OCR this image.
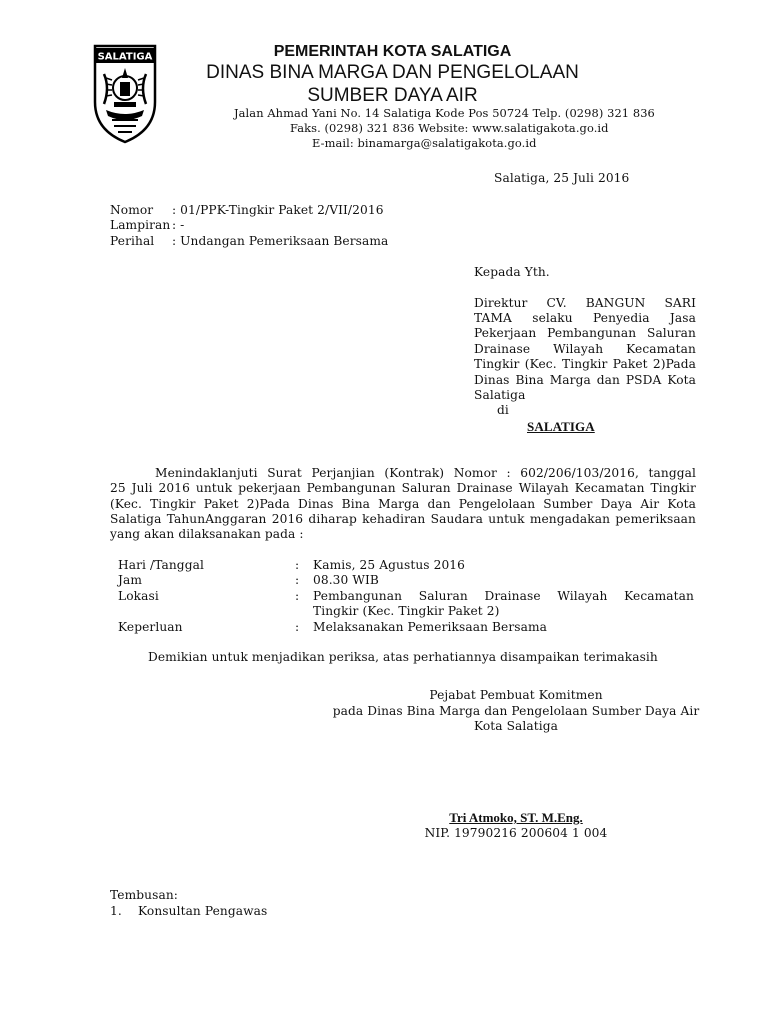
SALATIGA	PEMERINTAH KOTA SALATIGA
DINAS BINA MARGA DAN PENGELOLAAN
SUMBER DAYA AIR
Jalan Ahmad Yani No. 14 Salatiga Kode Pos 50724 Telp. (0298) 321 836
Faks. (0298) 321 836 Website: www.salatigakota.go.id
E-mail: binamarga@salatigakota.go.id
Salatiga, 25 Juli 2016
Nomor : 01/PPK-Tingkir Paket 2/VII/2016
Lampiran : -
Perihal : Undangan Pemeriksaan Bersama
Kepada Yth.
Direktur CV. BANGUN SARI
TAMA selaku Penyedia Jasa
Pekerjaan Pembangunan Saluran
Drainase Wilayah Kecamatan
Tingkir (Kec. Tingkir Paket 2)Pada
Dinas Bina Marga dan PSDA Kota
Salatiga
di
SALATIGA
Menindaklanjuti Surat Perjanjian (Kontrak) Nomor : 602/206/103/2016, tanggal
25 Juli 2016 untuk pekerjaan Pembangunan Saluran Drainase Wilayah Kecamatan Tingkir
(Kec. Tingkir Paket 2)Pada Dinas Bina Marga dan Pengelolaan Sumber Daya Air Kota
Salatiga TahunAnggaran 2016 diharap kehadiran Saudara untuk mengadakan pemeriksaan
yang akan dilaksanakan pada :
Hari /Tanggal	: Kamis, 25 Agustus 2016
Jam	: 08.30 WIB
Lokasi	: Pembangunan Saluran Drainase Wilayah Kecamatan
Tingkir (Kec. Tingkir Paket 2)
Keperluan	: Melaksanakan Pemeriksaan Bersama
Demikian untuk menjadikan periksa, atas perhatiannya disampaikan terimakasih
Pejabat Pembuat Komitmen
pada Dinas Bina Marga dan Pengelolaan Sumber Daya Air
Kota Salatiga
Tri Atmoko, ST. M.Eng.
NIP. 19790216 200604 1 004
Tembusan:
1. Konsultan Pengawas
